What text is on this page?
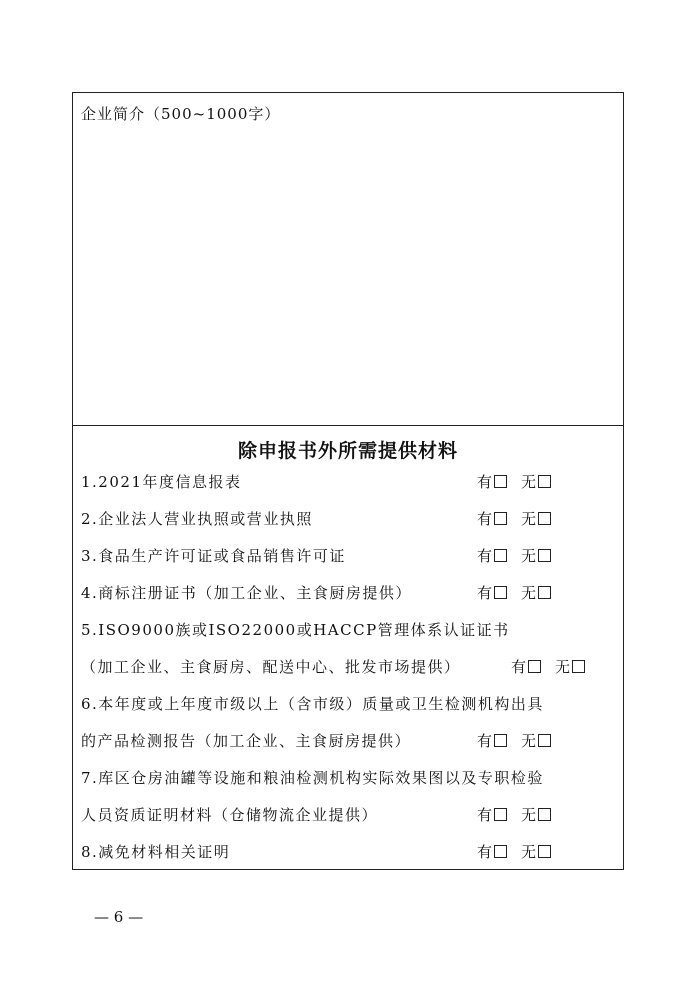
企业简介（500~1000字）
除申报书外所需提供材料
1.2021年度信息报表	有 无
2.企业法人营业执照或营业执照	有 无
3.食品生产许可证或食品销售许可证	有 无
4.商标注册证书（加工企业、主食厨房提供）	有 无
5.ISO9000族或ISO22000或HACCP管理体系认证证书
（加工企业、主食厨房、配送中心、批发市场提供）	有 无
6.本年度或上年度市级以上（含市级）质量或卫生检测机构出具
的产品检测报告（加工企业、主食厨房提供）	有 无
7.库区仓房油罐等设施和粮油检测机构实际效果图以及专职检验
人员资质证明材料（仓储物流企业提供）	有 无
8.减免材料相关证明	有 无
— 6 —
